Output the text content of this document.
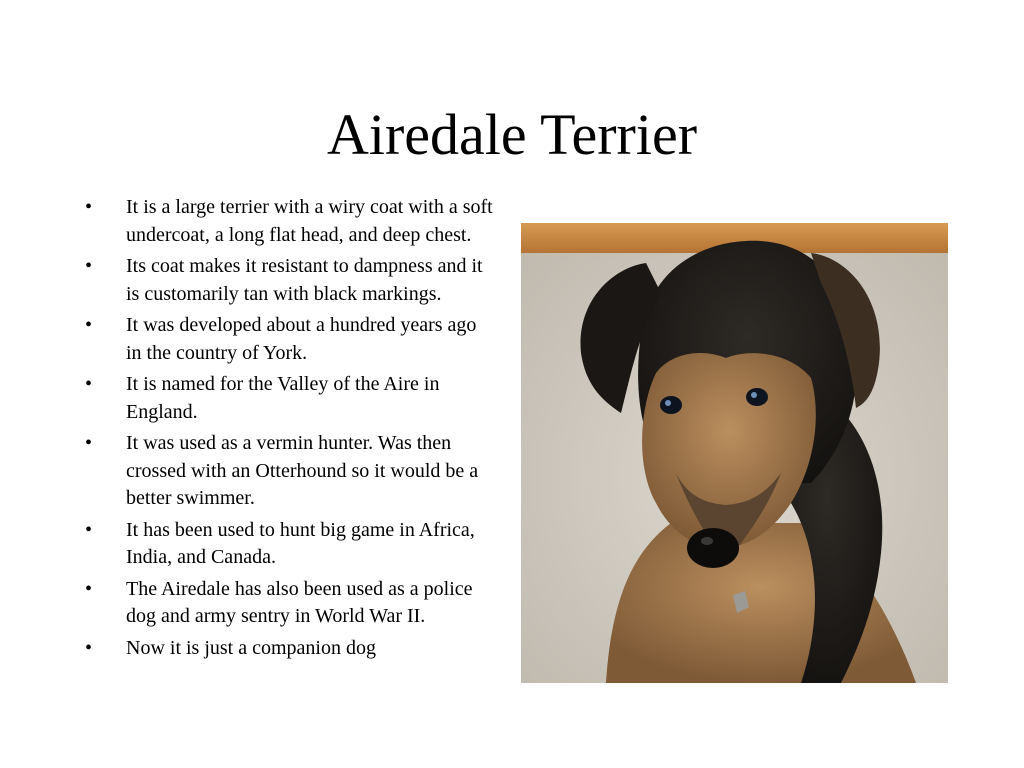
Airedale Terrier
• It is a large terrier with a wiry coat with a soft undercoat, a long flat head, and deep chest.
• Its coat makes it resistant to dampness and it is customarily tan with black markings.
• It was developed about a hundred years ago in the country of York.
• It is named for the Valley of the Aire in England.
• It was used as a vermin hunter. Was then crossed with an Otterhound so it would be a better swimmer.
• It has been used to hunt big game in Africa, India, and Canada.
• The Airedale has also been used as a police dog and army sentry in World War II.
• Now it is just a companion dog
